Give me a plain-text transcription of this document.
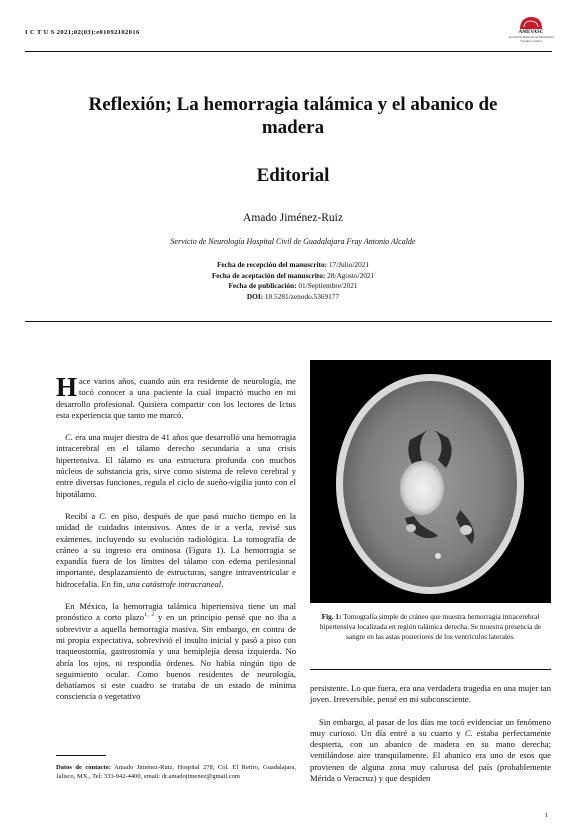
I C T U S 2021;02(03):e01092102016	AMEVASC
Asociación Mexicana de Enfermedad Vascular Cerebral
Reflexión; La hemorragia talámica y el abanico de madera
Editorial
Amado Jiménez-Ruiz
Servicio de Neurología Hospital Civil de Guadalajara Fray Antonio Alcalde
Fecha de recepción del manuscrito: 17/Julio/2021
Fecha de aceptación del manuscrito: 28/Agosto/2021
Fecha de publicación: 01/Septiembre/2021
DOI: 10.5281/zenodo.5369177

Hace varios años, cuando aún era residente de neurología, me tocó conocer a una paciente la cual impactó mucho en mi desarrollo profesional. Quisiera compartir con los lectores de Ictus esta experiencia que tanto me marcó.

C. era una mujer diestra de 41 años que desarrolló una hemorragia intracerebral en el tálamo derecho secundaria a una crisis hipertensiva. El tálamo es una estructura profunda con muchos núcleos de substancia gris, sirve como sistema de relevo cerebral y entre diversas funciones, regula el ciclo de sueño-vigilia junto con el hipotálamo.

Recibí a C. en piso, después de que pasó mucho tiempo en la unidad de cuidados intensivos. Antes de ir a verla, revisé sus exámenes, incluyendo su evolución radiológica. La tomografía de cráneo a su ingreso era ominosa (Figura 1). La hemorragia se expandía fuera de los límites del tálamo con edema perilesional importante, desplazamiento de estructuras, sangre intraventricular e hidrocefalia. En fin, una catástrofe intracraneal.

En México, la hemorragia talámica hipertensiva tiene un mal pronóstico a corto plazo$^{1, 2}$ y en un principio pensé que no iba a sobrevivir a aquella hemorragia masiva. Sin embargo, en contra de mi propia expectativa, sobrevivió el insulto inicial y pasó a piso con traqueostomía, gastrostomía y una hemiplejía densa izquierda. No abría los ojos, ni respondía órdenes. No había ningún tipo de seguimiento ocular. Como buenos residentes de neurología, debatíamos si este cuadro se trataba de un estado de mínima consciencia o vegetativo

Fig. 1: Tomografía simple de cráneo que muestra hemorragia intracerebral hipertensiva localizada en región talámica derecha. Se muestra presencia de sangre en las astas posteriores de los ventrículos laterales.

persistente. Lo que fuera, era una verdadera tragedia en una mujer tan joven. Irreversible, pensé en mi subconsciente.

Sin embargo, al pasar de los días me tocó evidenciar un fenómeno muy curioso. Un día entré a su cuarto y C. estaba perfectamente despierta, con un abanico de madera en su mano derecha; ventilándose aire tranquilamente. El abanico era uno de esos que provienen de alguna zona muy calurosa del país (probablemente Mérida o Veracruz) y que despiden

Datos de contacto: Amado Jiménez-Ruiz, Hospital 278, Col. El Retiro, Guadalajara, Jalisco, MX., Tel: 333-942-4400, email: dr.amadojimenez@gmail.com
1
